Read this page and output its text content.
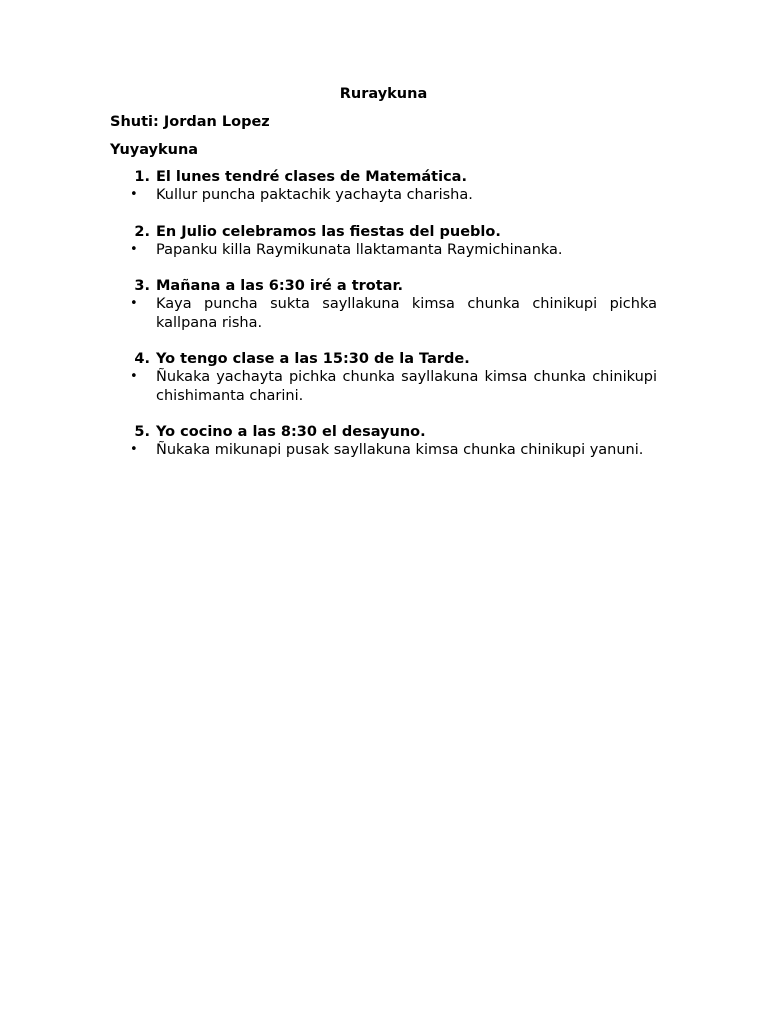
Ruraykuna
Shuti: Jordan Lopez
Yuyaykuna
1. El lunes tendré clases de Matemática.
•	Kullur puncha paktachik yachayta charisha.
2. En Julio celebramos las fiestas del pueblo.
•	Papanku killa Raymikunata llaktamanta Raymichinanka.
3. Mañana a las 6:30 iré a trotar.
•	Kaya puncha sukta sayllakuna kimsa chunka chinikupi pichka kallpana risha.
4. Yo tengo clase a las 15:30 de la Tarde.
•	Ñukaka yachayta pichka chunka sayllakuna kimsa chunka chinikupi chishimanta charini.
5. Yo cocino a las 8:30 el desayuno.
•	Ñukaka mikunapi pusak sayllakuna kimsa chunka chinikupi yanuni.
